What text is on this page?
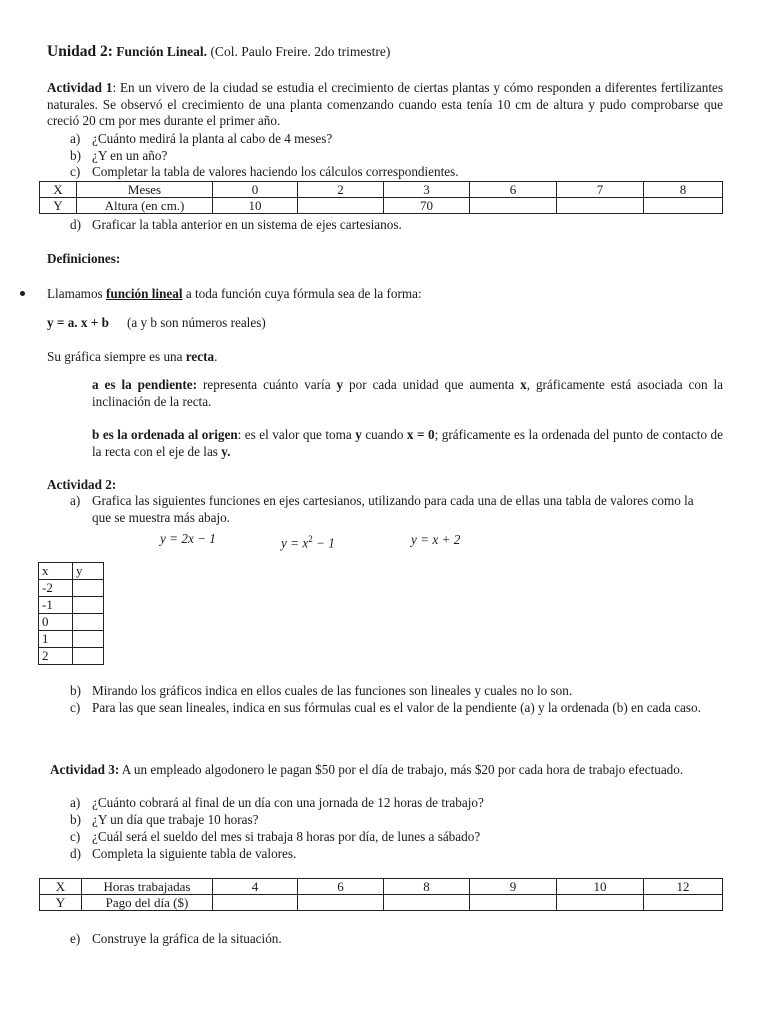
Unidad 2: Función Lineal. (Col. Paulo Freire. 2do trimestre)
Actividad 1: En un vivero de la ciudad se estudia el crecimiento de ciertas plantas y cómo responden a diferentes fertilizantes naturales. Se observó el crecimiento de una planta comenzando cuando esta tenía 10 cm de altura y pudo comprobarse que creció 20 cm por mes durante el primer año.
a) ¿Cuánto medirá la planta al cabo de 4 meses?
b) ¿Y en un año?
c) Completar la tabla de valores haciendo los cálculos correspondientes.
X	Meses	0	2	3	6	7	8
Y	Altura (en cm.)	10		70			
d) Graficar la tabla anterior en un sistema de ejes cartesianos.
Definiciones:
Llamamos función lineal a toda función cuya fórmula sea de la forma:
y = a. x + b (a y b son números reales)
Su gráfica siempre es una recta.
a es la pendiente: representa cuánto varía y por cada unidad que aumenta x, gráficamente está asociada con la inclinación de la recta.
b es la ordenada al origen: es el valor que toma y cuando x = 0; gráficamente es la ordenada del punto de contacto de la recta con el eje de las y.
Actividad 2:
a) Grafica las siguientes funciones en ejes cartesianos, utilizando para cada una de ellas una tabla de valores como la que se muestra más abajo.
y = 2x − 1	$y = x^2 - 1$	y = x + 2
x	y
-2	
-1	
0	
1	
2	
b) Mirando los gráficos indica en ellos cuales de las funciones son lineales y cuales no lo son.
c) Para las que sean lineales, indica en sus fórmulas cual es el valor de la pendiente (a) y la ordenada (b) en cada caso.
Actividad 3: A un empleado algodonero le pagan $50 por el día de trabajo, más $20 por cada hora de trabajo efectuado.
a) ¿Cuánto cobrará al final de un día con una jornada de 12 horas de trabajo?
b) ¿Y un día que trabaje 10 horas?
c) ¿Cuál será el sueldo del mes si trabaja 8 horas por día, de lunes a sábado?
d) Completa la siguiente tabla de valores.
X	Horas trabajadas	4	6	8	9	10	12
Y	Pago del día ($)						
e) Construye la gráfica de la situación.
